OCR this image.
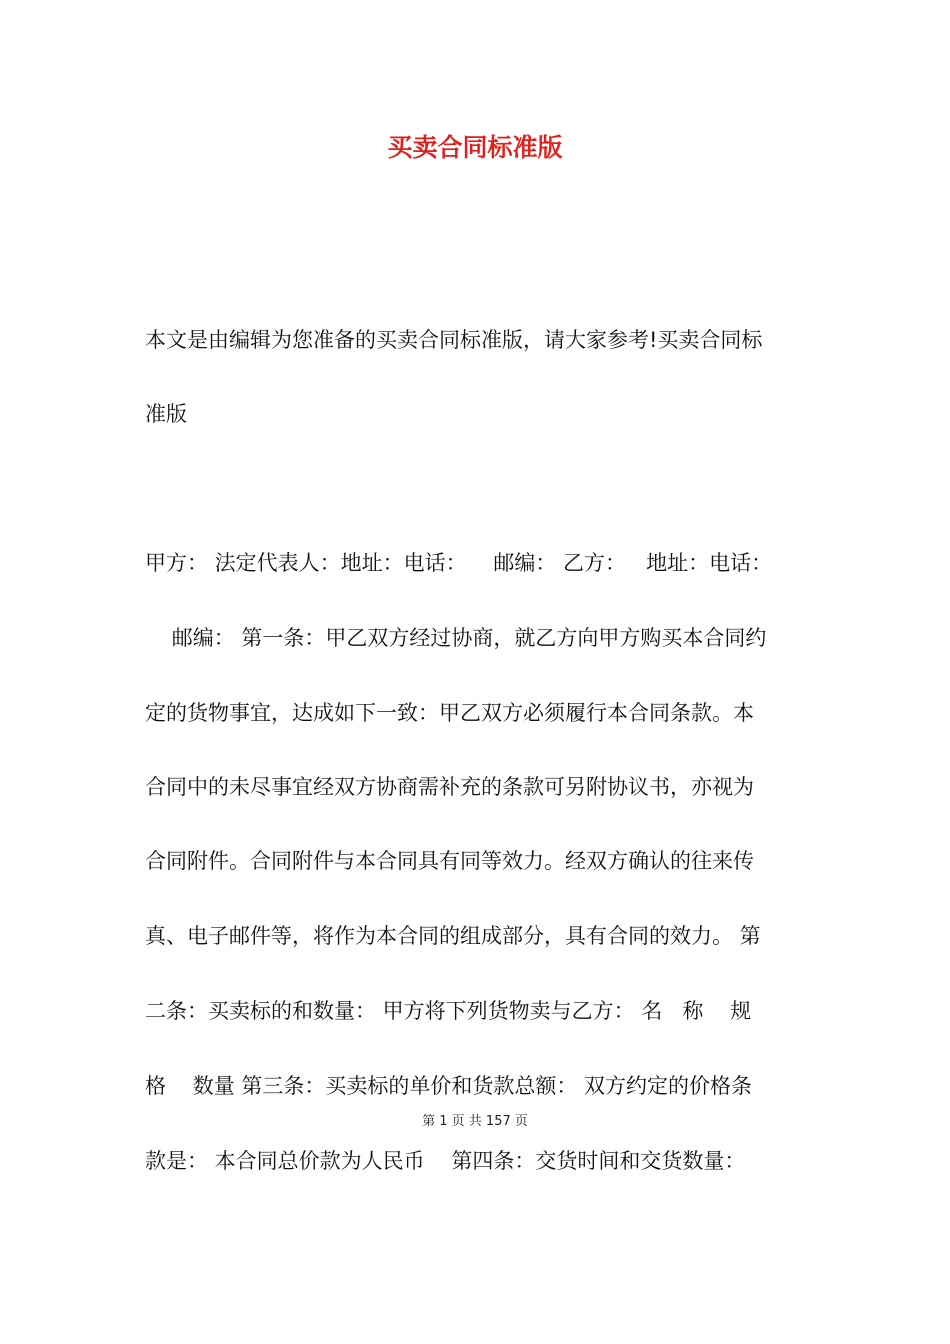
买卖合同标准版
本文是由编辑为您准备的买卖合同标准版，请大家参考!买卖合同标
准版
甲方： 法定代表人：地址：电话：    邮编： 乙方：   地址：电话：
邮编： 第一条：甲乙双方经过协商，就乙方向甲方购买本合同约
定的货物事宜，达成如下一致：甲乙双方必须履行本合同条款。本
合同中的未尽事宜经双方协商需补充的条款可另附协议书，亦视为
合同附件。合同附件与本合同具有同等效力。经双方确认的往来传
真、电子邮件等，将作为本合同的组成部分，具有合同的效力。 第
二条：买卖标的和数量： 甲方将下列货物卖与乙方： 名   称    规
格    数量 第三条：买卖标的单价和货款总额： 双方约定的价格条
款是： 本合同总价款为人民币    第四条：交货时间和交货数量：
第 1 页 共 157 页
